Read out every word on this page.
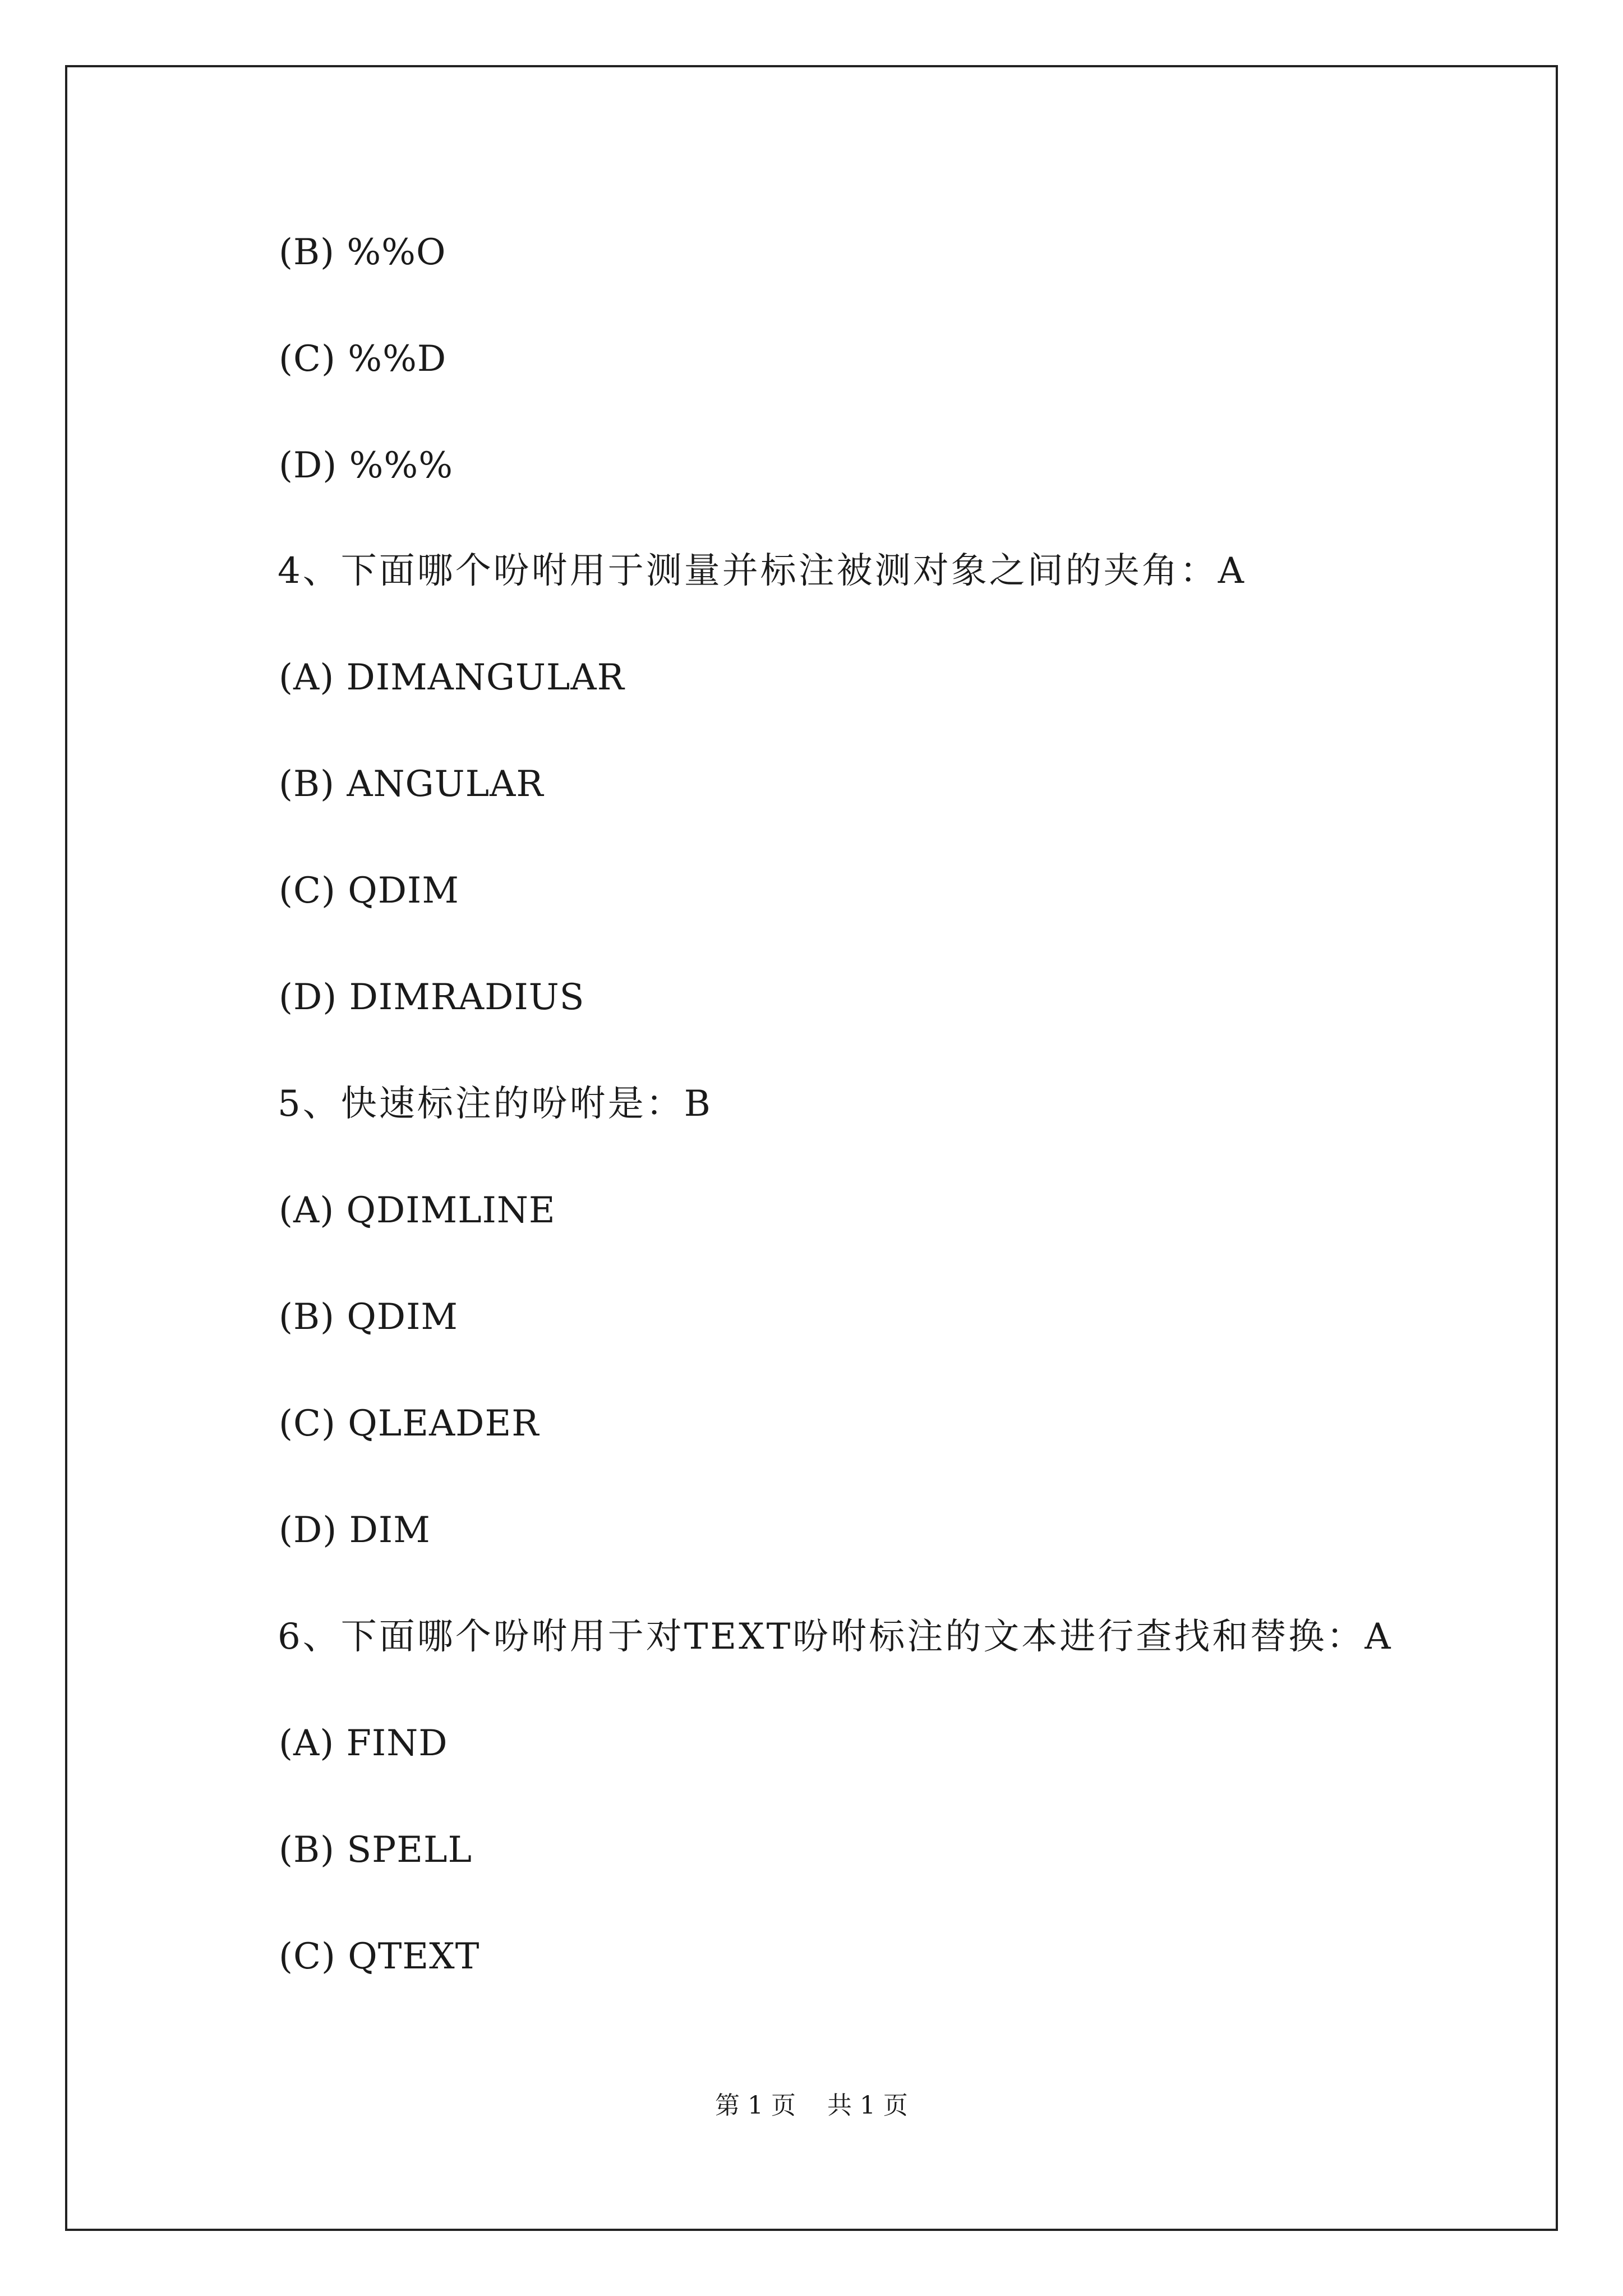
(B) %%O
(C) %%D
(D) %%%
4、下面哪个吩咐用于测量并标注被测对象之间的夹角：A
(A) DIMANGULAR
(B) ANGULAR
(C) QDIM
(D) DIMRADIUS
5、快速标注的吩咐是：B
(A) QDIMLINE
(B) QDIM
(C) QLEADER
(D) DIM
6、下面哪个吩咐用于对TEXT吩咐标注的文本进行查找和替换：A
(A) FIND
(B) SPELL
(C) QTEXT
第 1 页    共 1 页
